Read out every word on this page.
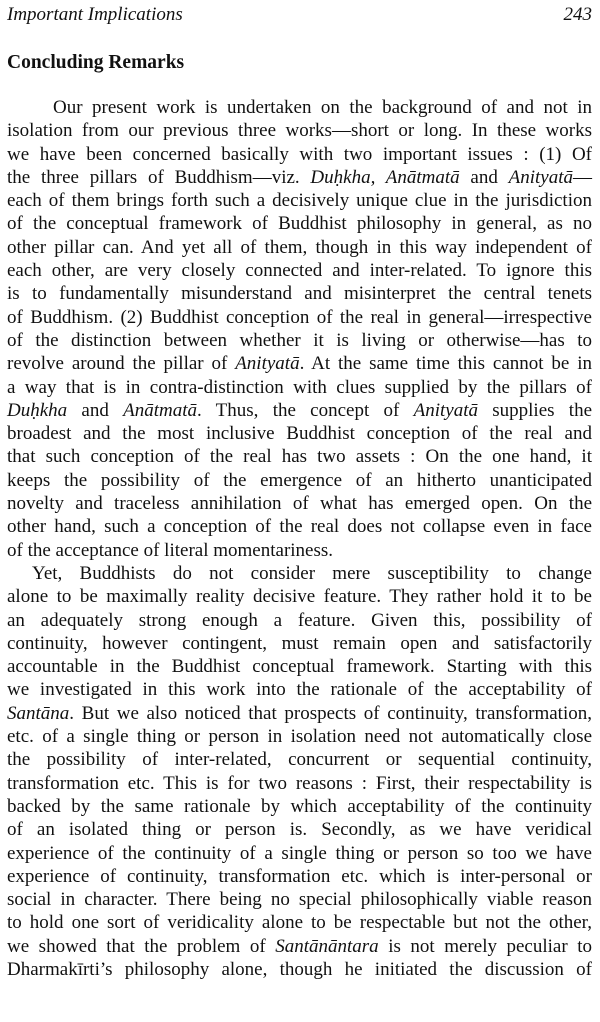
Important Implications	243
Concluding Remarks
Our present work is undertaken on the background of and not in
isolation from our previous three works—short or long. In these works
we have been concerned basically with two important issues : (1) Of
the three pillars of Buddhism—viz. Duḥkha, Anātmatā and Anityatā—
each of them brings forth such a decisively unique clue in the jurisdiction
of the conceptual framework of Buddhist philosophy in general, as no
other pillar can. And yet all of them, though in this way independent of
each other, are very closely connected and inter-related. To ignore this
is to fundamentally misunderstand and misinterpret the central tenets
of Buddhism. (2) Buddhist conception of the real in general—irrespective
of the distinction between whether it is living or otherwise—has to
revolve around the pillar of Anityatā. At the same time this cannot be in
a way that is in contra-distinction with clues supplied by the pillars of
Duḥkha and Anātmatā. Thus, the concept of Anityatā supplies the
broadest and the most inclusive Buddhist conception of the real and
that such conception of the real has two assets : On the one hand, it
keeps the possibility of the emergence of an hitherto unanticipated
novelty and traceless annihilation of what has emerged open. On the
other hand, such a conception of the real does not collapse even in face
of the acceptance of literal momentariness.
Yet, Buddhists do not consider mere susceptibility to change
alone to be maximally reality decisive feature. They rather hold it to be
an adequately strong enough a feature. Given this, possibility of
continuity, however contingent, must remain open and satisfactorily
accountable in the Buddhist conceptual framework. Starting with this
we investigated in this work into the rationale of the acceptability of
Santāna. But we also noticed that prospects of continuity, transformation,
etc. of a single thing or person in isolation need not automatically close
the possibility of inter-related, concurrent or sequential continuity,
transformation etc. This is for two reasons : First, their respectability is
backed by the same rationale by which acceptability of the continuity
of an isolated thing or person is. Secondly, as we have veridical
experience of the continuity of a single thing or person so too we have
experience of continuity, transformation etc. which is inter-personal or
social in character. There being no special philosophically viable reason
to hold one sort of veridicality alone to be respectable but not the other,
we showed that the problem of Santānāntara is not merely peculiar to
Dharmakīrti’s philosophy alone, though he initiated the discussion of
